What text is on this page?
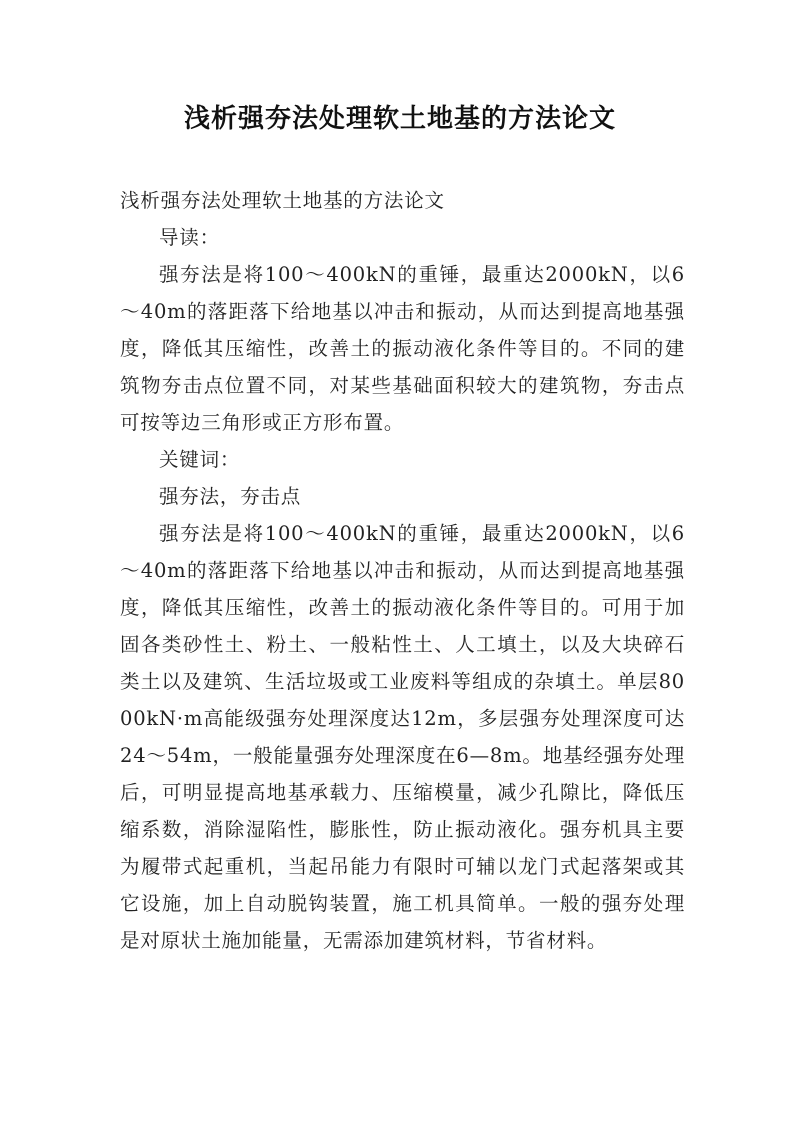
浅析强夯法处理软土地基的方法论文

浅析强夯法处理软土地基的方法论文

导读：

强夯法是将100～400kN的重锤，最重达2000kN，以6～40m的落距落下给地基以冲击和振动，从而达到提高地基强度，降低其压缩性，改善土的振动液化条件等目的。不同的建筑物夯击点位置不同，对某些基础面积较大的建筑物，夯击点可按等边三角形或正方形布置。

关键词：

强夯法，夯击点

强夯法是将100～400kN的重锤，最重达2000kN，以6～40m的落距落下给地基以冲击和振动，从而达到提高地基强度，降低其压缩性，改善土的振动液化条件等目的。可用于加固各类砂性土、粉土、一般粘性土、人工填土，以及大块碎石类土以及建筑、生活垃圾或工业废料等组成的杂填土。单层8000kN·m高能级强夯处理深度达12m，多层强夯处理深度可达24～54m，一般能量强夯处理深度在6—8m。地基经强夯处理后，可明显提高地基承载力、压缩模量，减少孔隙比，降低压缩系数，消除湿陷性，膨胀性，防止振动液化。强夯机具主要为履带式起重机，当起吊能力有限时可辅以龙门式起落架或其它设施，加上自动脱钩装置，施工机具简单。一般的强夯处理是对原状土施加能量，无需添加建筑材料，节省材料。
